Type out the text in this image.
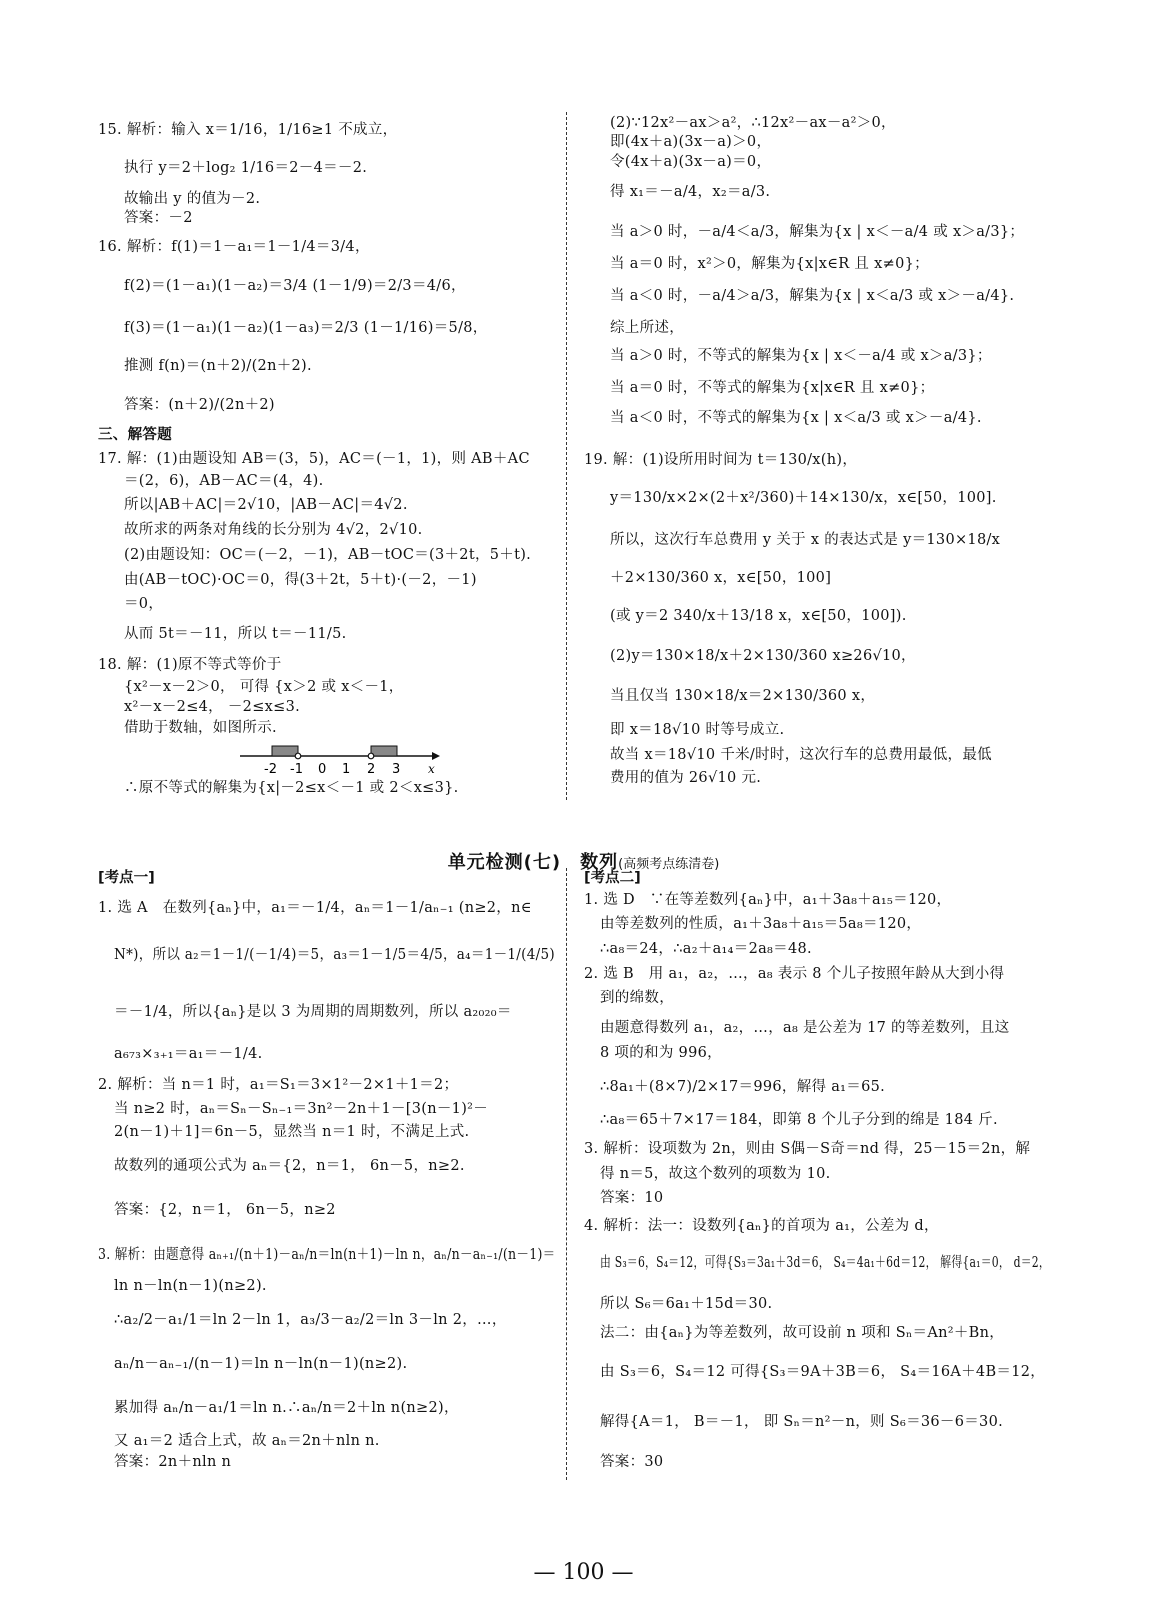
15. 解析：输入 x＝1/16，1/16≥1 不成立，
执行 y＝2＋log₂ 1/16＝2－4＝－2.
故输出 y 的值为－2.
答案：－2
16. 解析：f(1)＝1－a₁＝1－1/4＝3/4，
f(2)＝(1－a₁)(1－a₂)＝3/4 (1－1/9)＝2/3＝4/6，
f(3)＝(1－a₁)(1－a₂)(1－a₃)＝2/3 (1－1/16)＝5/8，
推测 f(n)＝(n＋2)/(2n＋2).
答案：(n＋2)/(2n＋2)
三、解答题
17. 解：(1)由题设知 AB＝(3，5)，AC＝(－1，1)，则 AB＋AC
＝(2，6)，AB－AC＝(4，4).
所以|AB＋AC|＝2√10，|AB－AC|＝4√2.
故所求的两条对角线的长分别为 4√2，2√10.
(2)由题设知：OC＝(－2，－1)，AB－tOC＝(3＋2t，5＋t).
由(AB－tOC)·OC＝0，得(3＋2t，5＋t)·(－2，－1)
＝0，
从而 5t＝－11，所以 t＝－11/5.
18. 解：(1)原不等式等价于
{x²－x－2＞0， 可得 {x＞2 或 x＜－1，
x²－x－2≤4， －2≤x≤3.
借助于数轴，如图所示.
∴原不等式的解集为{x|－2≤x＜－1 或 2＜x≤3}.
-2 -1 0 1 2 3 x
(2)∵12x²－ax＞a²，∴12x²－ax－a²＞0，
即(4x＋a)(3x－a)＞0，
令(4x＋a)(3x－a)＝0，
得 x₁＝－a/4，x₂＝a/3.
当 a＞0 时，－a/4＜a/3，解集为{x | x＜－a/4 或 x＞a/3}；
当 a＝0 时，x²＞0，解集为{x|x∈R 且 x≠0}；
当 a＜0 时，－a/4＞a/3，解集为{x | x＜a/3 或 x＞－a/4}.
综上所述，
当 a＞0 时，不等式的解集为{x | x＜－a/4 或 x＞a/3}；
当 a＝0 时，不等式的解集为{x|x∈R 且 x≠0}；
当 a＜0 时，不等式的解集为{x | x＜a/3 或 x＞－a/4}.
19. 解：(1)设所用时间为 t＝130/x(h)，
y＝130/x×2×(2＋x²/360)＋14×130/x，x∈[50，100].
所以，这次行车总费用 y 关于 x 的表达式是 y＝130×18/x
＋2×130/360 x，x∈[50，100]
(或 y＝2 340/x＋13/18 x，x∈[50，100]).
(2)y＝130×18/x＋2×130/360 x≥26√10，
当且仅当 130×18/x＝2×130/360 x，
即 x＝18√10 时等号成立.
故当 x＝18√10 千米/时时，这次行车的总费用最低，最低
费用的值为 26√10 元.
单元检测(七)　数列(高频考点练清卷)
[考点一]
1. 选 A　在数列{aₙ}中，a₁＝－1/4，aₙ＝1－1/aₙ₋₁ (n≥2，n∈
N*)，所以 a₂＝1－1/(－1/4)＝5，a₃＝1－1/5＝4/5，a₄＝1－1/(4/5)
＝－1/4，所以{aₙ}是以 3 为周期的周期数列，所以 a₂₀₂₀＝
a₆₇₃×₃₊₁＝a₁＝－1/4.
2. 解析：当 n＝1 时，a₁＝S₁＝3×1²－2×1＋1＝2；
当 n≥2 时，aₙ＝Sₙ－Sₙ₋₁＝3n²－2n＋1－[3(n－1)²－
2(n－1)＋1]＝6n－5，显然当 n＝1 时，不满足上式.
故数列的通项公式为 aₙ＝{2，n＝1， 6n－5，n≥2.
答案：{2，n＝1， 6n－5，n≥2
3. 解析：由题意得 aₙ₊₁/(n＋1)－aₙ/n＝ln(n＋1)－ln n，aₙ/n－aₙ₋₁/(n－1)＝
ln n－ln(n－1)(n≥2).
∴a₂/2－a₁/1＝ln 2－ln 1，a₃/3－a₂/2＝ln 3－ln 2，…，
aₙ/n－aₙ₋₁/(n－1)＝ln n－ln(n－1)(n≥2).
累加得 aₙ/n－a₁/1＝ln n.∴aₙ/n＝2＋ln n(n≥2)，
又 a₁＝2 适合上式，故 aₙ＝2n＋nln n.
答案：2n＋nln n
[考点二]
1. 选 D　∵在等差数列{aₙ}中，a₁＋3a₈＋a₁₅＝120，
由等差数列的性质，a₁＋3a₈＋a₁₅＝5a₈＝120，
∴a₈＝24，∴a₂＋a₁₄＝2a₈＝48.
2. 选 B　用 a₁，a₂，…，a₈ 表示 8 个儿子按照年龄从大到小得
到的绵数，
由题意得数列 a₁，a₂，…，a₈ 是公差为 17 的等差数列，且这
8 项的和为 996，
∴8a₁＋(8×7)/2×17＝996，解得 a₁＝65.
∴a₈＝65＋7×17＝184，即第 8 个儿子分到的绵是 184 斤.
3. 解析：设项数为 2n，则由 S偶－S奇＝nd 得，25－15＝2n，解
得 n＝5，故这个数列的项数为 10.
答案：10
4. 解析：法一：设数列{aₙ}的首项为 a₁，公差为 d，
由 S₃＝6，S₄＝12，可得{S₃＝3a₁＋3d＝6， S₄＝4a₁＋6d＝12， 解得{a₁＝0， d＝2，
所以 S₆＝6a₁＋15d＝30.
法二：由{aₙ}为等差数列，故可设前 n 项和 Sₙ＝An²＋Bn，
由 S₃＝6，S₄＝12 可得{S₃＝9A＋3B＝6， S₄＝16A＋4B＝12，
解得{A＝1， B＝－1， 即 Sₙ＝n²－n，则 S₆＝36－6＝30.
答案：30
— 100 —
